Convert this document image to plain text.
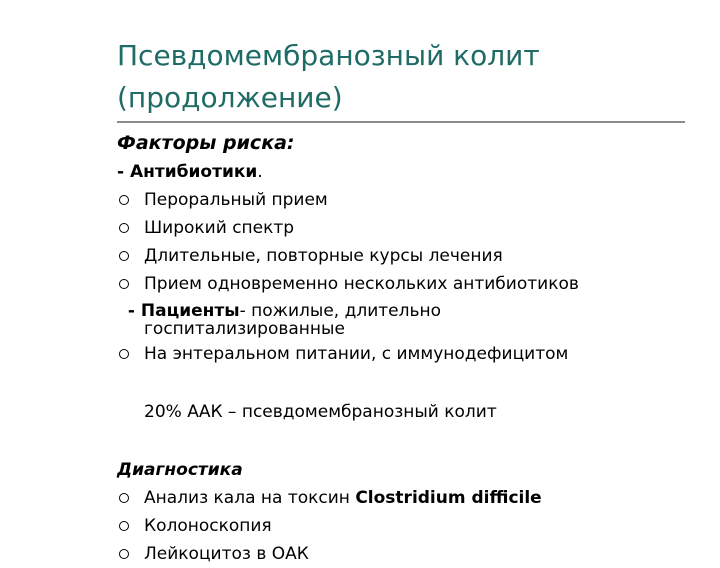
Псевдомембранозный колит
(продолжение)
Факторы риска:
- Антибиотики.
Пероральный прием
Широкий спектр
Длительные, повторные курсы лечения
Прием одновременно нескольких антибиотиков
- Пациенты- пожилые, длительно
госпитализированные
На энтеральном питании, с иммунодефицитом
20% ААК – псевдомембранозный колит
Диагностика
Анализ кала на токсин Clostridium difficile
Колоноскопия
Лейкоцитоз в ОАК
